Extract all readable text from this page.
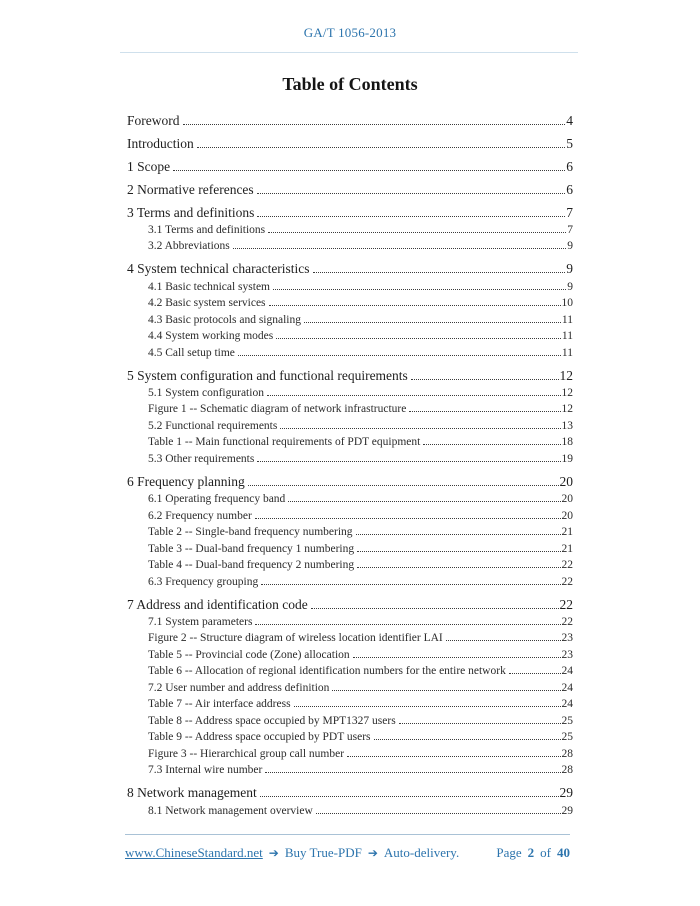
GA/T 1056-2013
Table of Contents
Foreword	4
Introduction	5
1 Scope	6
2 Normative references	6
3 Terms and definitions	7
3.1 Terms and definitions	7
3.2 Abbreviations	9
4 System technical characteristics	9
4.1 Basic technical system	9
4.2 Basic system services	10
4.3 Basic protocols and signaling	11
4.4 System working modes	11
4.5 Call setup time	11
5 System configuration and functional requirements	12
5.1 System configuration	12
Figure 1 -- Schematic diagram of network infrastructure	12
5.2 Functional requirements	13
Table 1 -- Main functional requirements of PDT equipment	18
5.3 Other requirements	19
6 Frequency planning	20
6.1 Operating frequency band	20
6.2 Frequency number	20
Table 2 -- Single-band frequency numbering	21
Table 3 -- Dual-band frequency 1 numbering	21
Table 4 -- Dual-band frequency 2 numbering	22
6.3 Frequency grouping	22
7 Address and identification code	22
7.1 System parameters	22
Figure 2 -- Structure diagram of wireless location identifier LAI	23
Table 5 -- Provincial code (Zone) allocation	23
Table 6 -- Allocation of regional identification numbers for the entire network	24
7.2 User number and address definition	24
Table 7 -- Air interface address	24
Table 8 -- Address space occupied by MPT1327 users	25
Table 9 -- Address space occupied by PDT users	25
Figure 3 -- Hierarchical group call number	28
7.3 Internal wire number	28
8 Network management	29
8.1 Network management overview	29
www.ChineseStandard.net ➔ Buy True-PDF ➔ Auto-delivery.	Page 2 of 40
